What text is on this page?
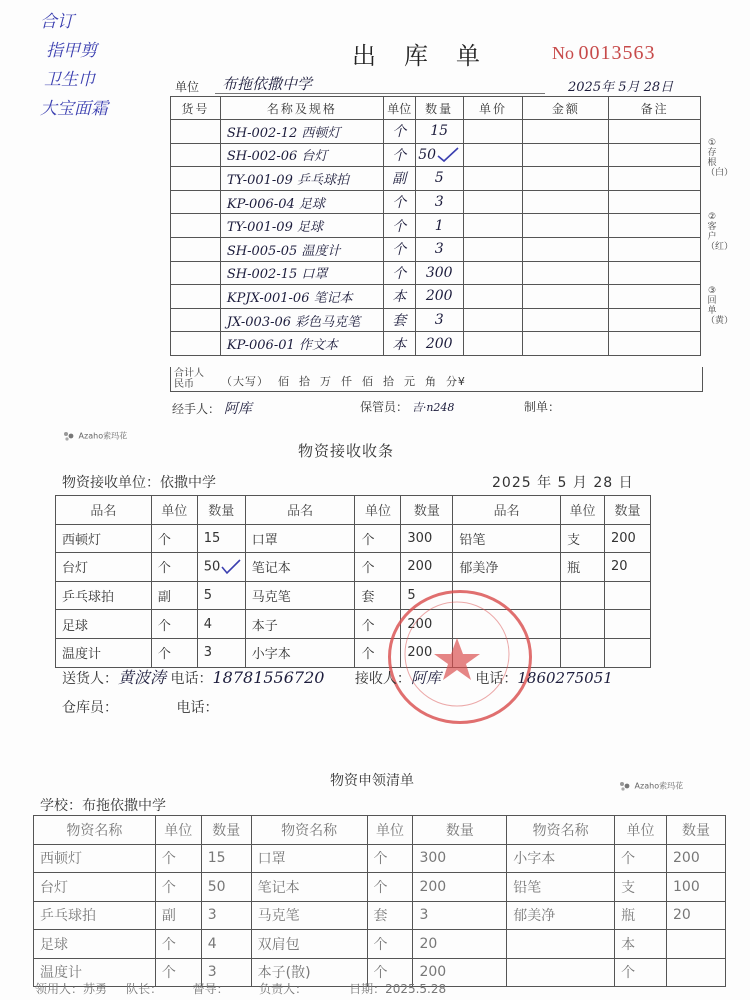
合订
指甲剪
卫生巾
大宝面霜
出库单 No 0013563
单位 布拖依撒中学	2025年 5月 28日
货号	名称及规格	单位	数量	单价	金额	备注
	SH-002-12 西顿灯	个	15			
	SH-002-06 台灯	个	50			
	TY-001-09 乒乓球拍	副	5			
	KP-006-04 足球	个	3			
	TY-001-09 足球	个	1			
	SH-005-05 温度计	个	3			
	SH-002-15 口罩	个	300			
	KPJX-001-06 笔记本	本	200			
	JX-003-06 彩色马克笔	套	3			
	KP-006-01 作文本	本	200			
合计人民币	（大写）  佰  拾  万  仟  佰  拾  元  角  分¥
①存根（白）
②客户（红）
③回单（黄）
经手人： 阿库	保管员： 吉·n248	制单：
Azaho索玛花
物资接收收条
物资接收单位：依撒中学	2025 年 5 月 28 日
品名	单位	数量	品名	单位	数量	品名	单位	数量
西顿灯	个	15	口罩	个	300	铅笔	支	200
台灯	个	50	笔记本	个	200	郁美净	瓶	20
乒乓球拍	副	5	马克笔	套	5			
足球	个	4	本子	个	200			
温度计	个	3	小字本	个	200			
送货人：黄波涛 电话：18781556720 接收人：阿库 电话：1860275051
仓库员：	电话：
物资申领清单	Azaho索玛花
学校：布拖依撒中学
物资名称	单位	数量	物资名称	单位	数量	物资名称	单位	数量
西顿灯	个	15	口罩	个	300	小字本	个	200
台灯	个	50	笔记本	个	200	铅笔	支	100
乒乓球拍	副	3	马克笔	套	3	郁美净	瓶	20
足球	个	4	双肩包	个	20		本	
温度计	个	3	本子(散)	个	200		个	
领用人：苏勇     队长：        督导：        负责人：           日期：2025.5.28
